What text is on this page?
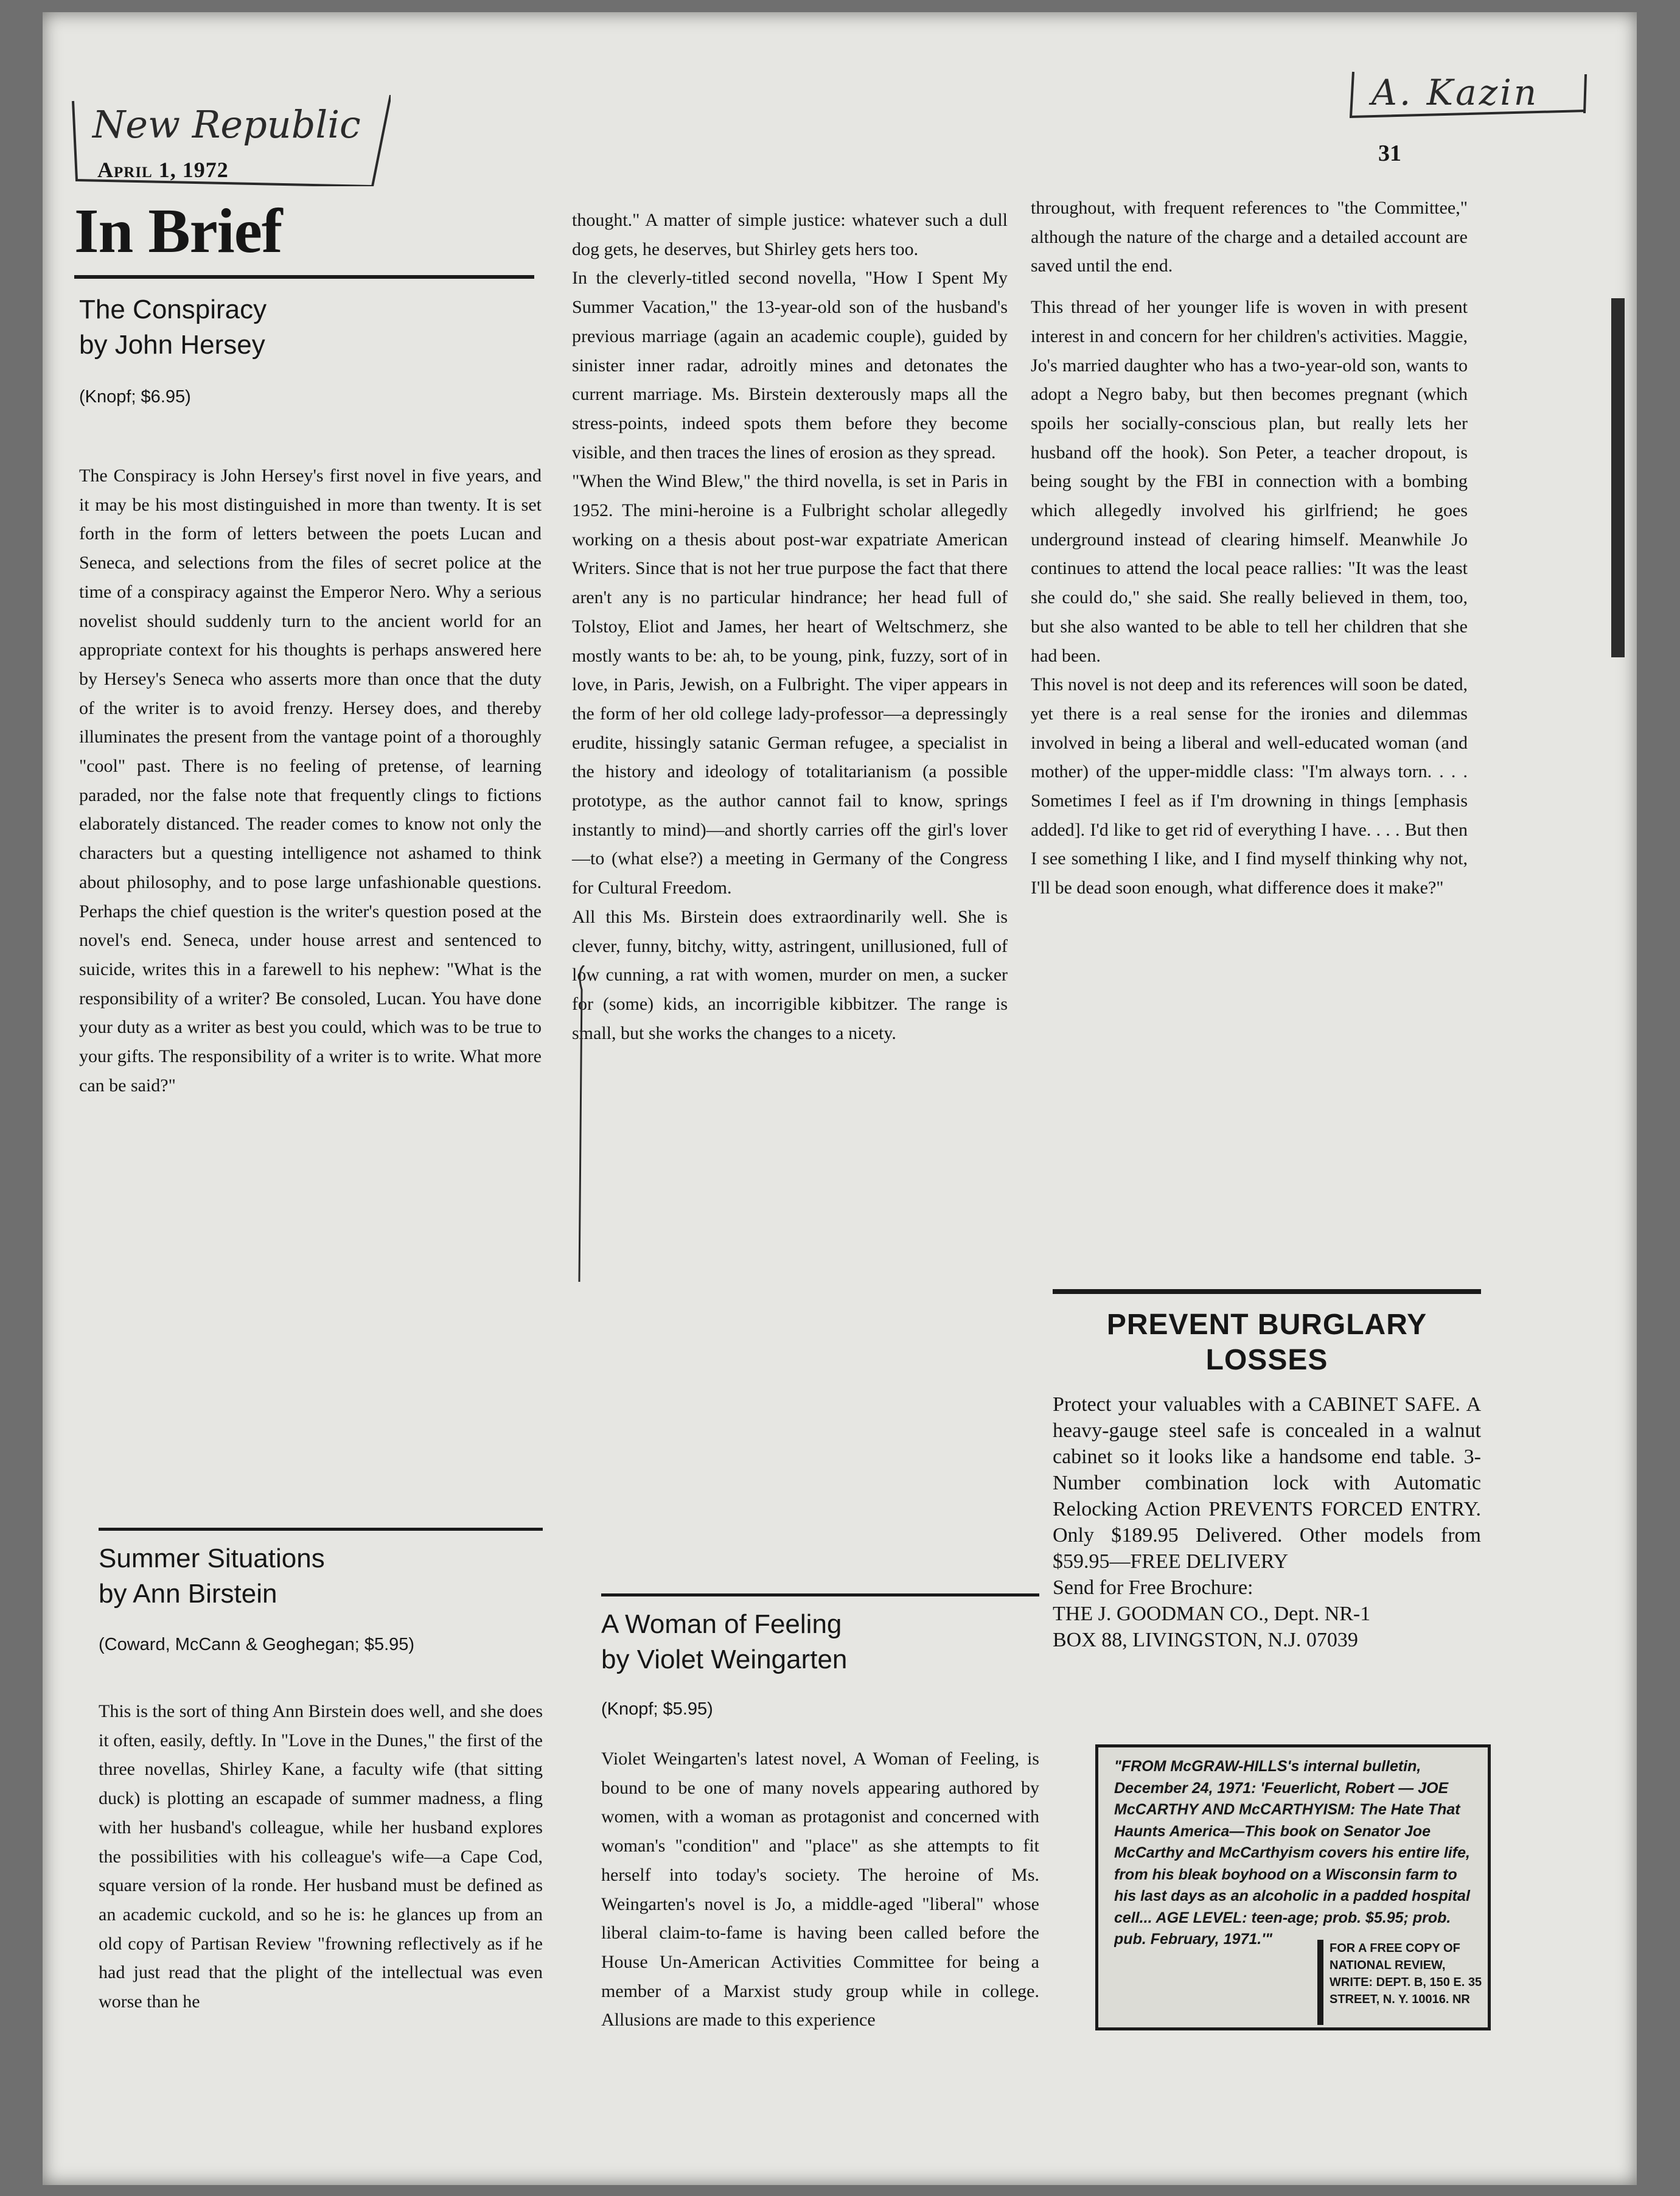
New Republic
April 1, 1972
A. Kazin
31
In Brief
The Conspiracy
by John Hersey
(Knopf; $6.95)

The Conspiracy is John Hersey's first novel in five years, and it may be his most distinguished in more than twenty. It is set forth in the form of letters between the poets Lucan and Seneca, and selections from the files of secret police at the time of a conspiracy against the Emperor Nero. Why a serious novelist should suddenly turn to the ancient world for an appropriate context for his thoughts is perhaps answered here by Hersey's Seneca who asserts more than once that the duty of the writer is to avoid frenzy. Hersey does, and thereby illuminates the present from the vantage point of a thoroughly "cool" past. There is no feeling of pretense, of learning paraded, nor the false note that frequently clings to fictions elaborately distanced. The reader comes to know not only the characters but a questing intelligence not ashamed to think about philosophy, and to pose large unfashionable questions. Perhaps the chief question is the writer's question posed at the novel's end. Seneca, under house arrest and sentenced to suicide, writes this in a farewell to his nephew: "What is the responsibility of a writer? Be consoled, Lucan. You have done your duty as a writer as best you could, which was to be true to your gifts. The responsibility of a writer is to write. What more can be said?"

Summer Situations
by Ann Birstein
(Coward, McCann & Geoghegan; $5.95)

This is the sort of thing Ann Birstein does well, and she does it often, easily, deftly. In "Love in the Dunes," the first of the three novellas, Shirley Kane, a faculty wife (that sitting duck) is plotting an escapade of summer madness, a fling with her husband's colleague, while her husband explores the possibilities with his colleague's wife—a Cape Cod, square version of la ronde. Her husband must be defined as an academic cuckold, and so he is: he glances up from an old copy of Partisan Review "frowning reflectively as if he had just read that the plight of the intellectual was even worse than he

thought." A matter of simple justice: whatever such a dull dog gets, he deserves, but Shirley gets hers too.

In the cleverly-titled second novella, "How I Spent My Summer Vacation," the 13-year-old son of the husband's previous marriage (again an academic couple), guided by sinister inner radar, adroitly mines and detonates the current marriage. Ms. Birstein dexterously maps all the stress-points, indeed spots them before they become visible, and then traces the lines of erosion as they spread.

"When the Wind Blew," the third novella, is set in Paris in 1952. The mini-heroine is a Fulbright scholar allegedly working on a thesis about post-war expatriate American Writers. Since that is not her true purpose the fact that there aren't any is no particular hindrance; her head full of Tolstoy, Eliot and James, her heart of Weltschmerz, she mostly wants to be: ah, to be young, pink, fuzzy, sort of in love, in Paris, Jewish, on a Fulbright. The viper appears in the form of her old college lady-professor—a depressingly erudite, hissingly satanic German refugee, a specialist in the history and ideology of totalitarianism (a possible prototype, as the author cannot fail to know, springs instantly to mind)—and shortly carries off the girl's lover—to (what else?) a meeting in Germany of the Congress for Cultural Freedom.

All this Ms. Birstein does extraordinarily well. She is clever, funny, bitchy, witty, astringent, unillusioned, full of low cunning, a rat with women, murder on men, a sucker for (some) kids, an incorrigible kibbitzer. The range is small, but she works the changes to a nicety.

A Woman of Feeling
by Violet Weingarten
(Knopf; $5.95)

Violet Weingarten's latest novel, A Woman of Feeling, is bound to be one of many novels appearing authored by women, with a woman as protagonist and concerned with woman's "condition" and "place" as she attempts to fit herself into today's society. The heroine of Ms. Weingarten's novel is Jo, a middle-aged "liberal" whose liberal claim-to-fame is having been called before the House Un-American Activities Committee for being a member of a Marxist study group while in college. Allusions are made to this experience

throughout, with frequent references to "the Committee," although the nature of the charge and a detailed account are saved until the end.

This thread of her younger life is woven in with present interest in and concern for her children's activities. Maggie, Jo's married daughter who has a two-year-old son, wants to adopt a Negro baby, but then becomes pregnant (which spoils her socially-conscious plan, but really lets her husband off the hook). Son Peter, a teacher dropout, is being sought by the FBI in connection with a bombing which allegedly involved his girlfriend; he goes underground instead of clearing himself. Meanwhile Jo continues to attend the local peace rallies: "It was the least she could do," she said. She really believed in them, too, but she also wanted to be able to tell her children that she had been.

This novel is not deep and its references will soon be dated, yet there is a real sense for the ironies and dilemmas involved in being a liberal and well-educated woman (and mother) of the upper-middle class: "I'm always torn. . . . Sometimes I feel as if I'm drowning in things [emphasis added]. I'd like to get rid of everything I have. . . . But then I see something I like, and I find myself thinking why not, I'll be dead soon enough, what difference does it make?"

PREVENT BURGLARY
LOSSES
Protect your valuables with a CABINET SAFE. A heavy-gauge steel safe is concealed in a walnut cabinet so it looks like a handsome end table. 3-Number combination lock with Automatic Relocking Action PREVENTS FORCED ENTRY. Only $189.95 Delivered. Other models from $59.95—FREE DELIVERY
Send for Free Brochure:
THE J. GOODMAN CO., Dept. NR-1
BOX 88, LIVINGSTON, N.J. 07039
"FROM McGRAW-HILLS's internal bulletin, December 24, 1971: 'Feuerlicht, Robert — JOE McCARTHY AND McCARTHYISM: The Hate That Haunts America—This book on Senator Joe McCarthy and McCarthyism covers his entire life, from his bleak boyhood on a Wisconsin farm to his last days as an alcoholic in a padded hospital cell... AGE LEVEL: teen-age; prob. $5.95; prob. pub. February, 1971.'"
FOR A FREE COPY OF NATIONAL REVIEW, WRITE: DEPT. B, 150 E. 35 STREET, N. Y. 10016. NR
